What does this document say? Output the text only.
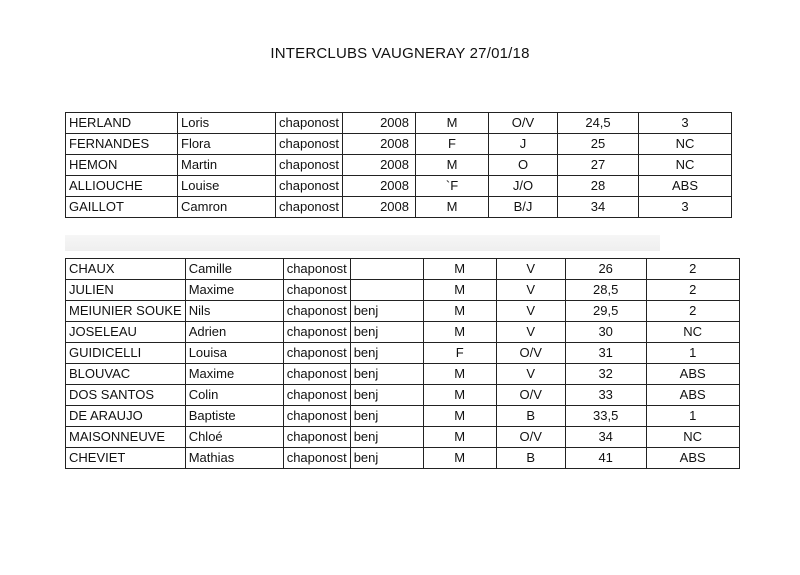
INTERCLUBS VAUGNERAY 27/01/18
HERLAND	Loris	chaponost	2008	M	O/V	24,5	3
FERNANDES	Flora	chaponost	2008	F	J	25	NC
HEMON	Martin	chaponost	2008	M	O	27	NC
ALLIOUCHE	Louise	chaponost	2008	`F	J/O	28	ABS
GAILLOT	Camron	chaponost	2008	M	B/J	34	3
CHAUX	Camille	chaponost		M	V	26	2
JULIEN	Maxime	chaponost		M	V	28,5	2
MEIUNIER SOUKE	Nils	chaponost	benj	M	V	29,5	2
JOSELEAU	Adrien	chaponost	benj	M	V	30	NC
GUIDICELLI	Louisa	chaponost	benj	F	O/V	31	1
BLOUVAC	Maxime	chaponost	benj	M	V	32	ABS
DOS SANTOS	Colin	chaponost	benj	M	O/V	33	ABS
DE ARAUJO	Baptiste	chaponost	benj	M	B	33,5	1
MAISONNEUVE	Chloé	chaponost	benj	M	O/V	34	NC
CHEVIET	Mathias	chaponost	benj	M	B	41	ABS
